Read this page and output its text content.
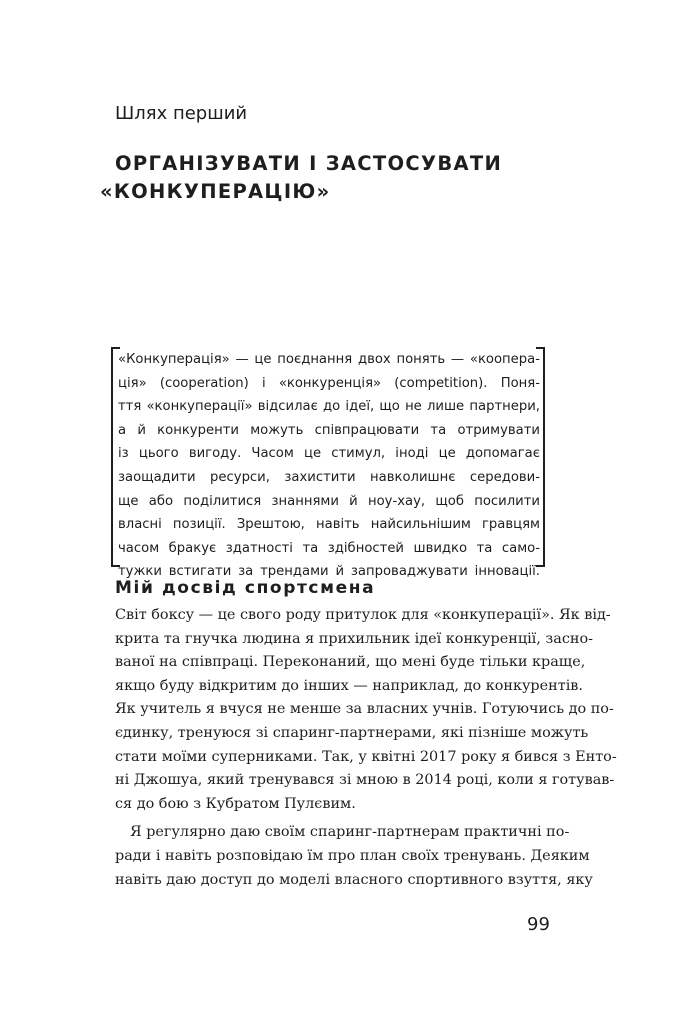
Шлях перший
ОРГАНІЗУВАТИ І ЗАСТОСУВАТИ
«КОНКУПЕРАЦІЮ»
«Конкуперація» — це поєднання двох понять — «коопера-
ція» (cooperation) і «конкуренція» (competition). Поня-
ття «конкуперації» відсилає до ідеї, що не лише партнери,
а й конкуренти можуть співпрацювати та отримувати
із цього вигоду. Часом це стимул, іноді це допомагає
заощадити ресурси, захистити навколишнє середови-
ще або поділитися знаннями й ноу-хау, щоб посилити
власні позиції. Зрештою, навіть найсильнішим гравцям
часом бракує здатності та здібностей швидко та само-
тужки встигати за трендами й запроваджувати інновації.
Мій досвід спортсмена
Світ боксу — це свого роду притулок для «конкуперації». Як від-
крита та гнучка людина я прихильник ідеї конкуренції, засно-
ваної на співпраці. Переконаний, що мені буде тільки краще,
якщо буду відкритим до інших — наприклад, до конкурентів.
Як учитель я вчуся не менше за власних учнів. Готуючись до по-
єдинку, тренуюся зі спаринг-партнерами, які пізніше можуть
стати моїми суперниками. Так, у квітні 2017 року я бився з Енто-
ні Джошуа, який тренувався зі мною в 2014 році, коли я готував-
ся до бою з Кубратом Пулєвим.
Я регулярно даю своїм спаринг-партнерам практичні по-
ради і навіть розповідаю їм про план своїх тренувань. Деяким
навіть даю доступ до моделі власного спортивного взуття, яку
99
